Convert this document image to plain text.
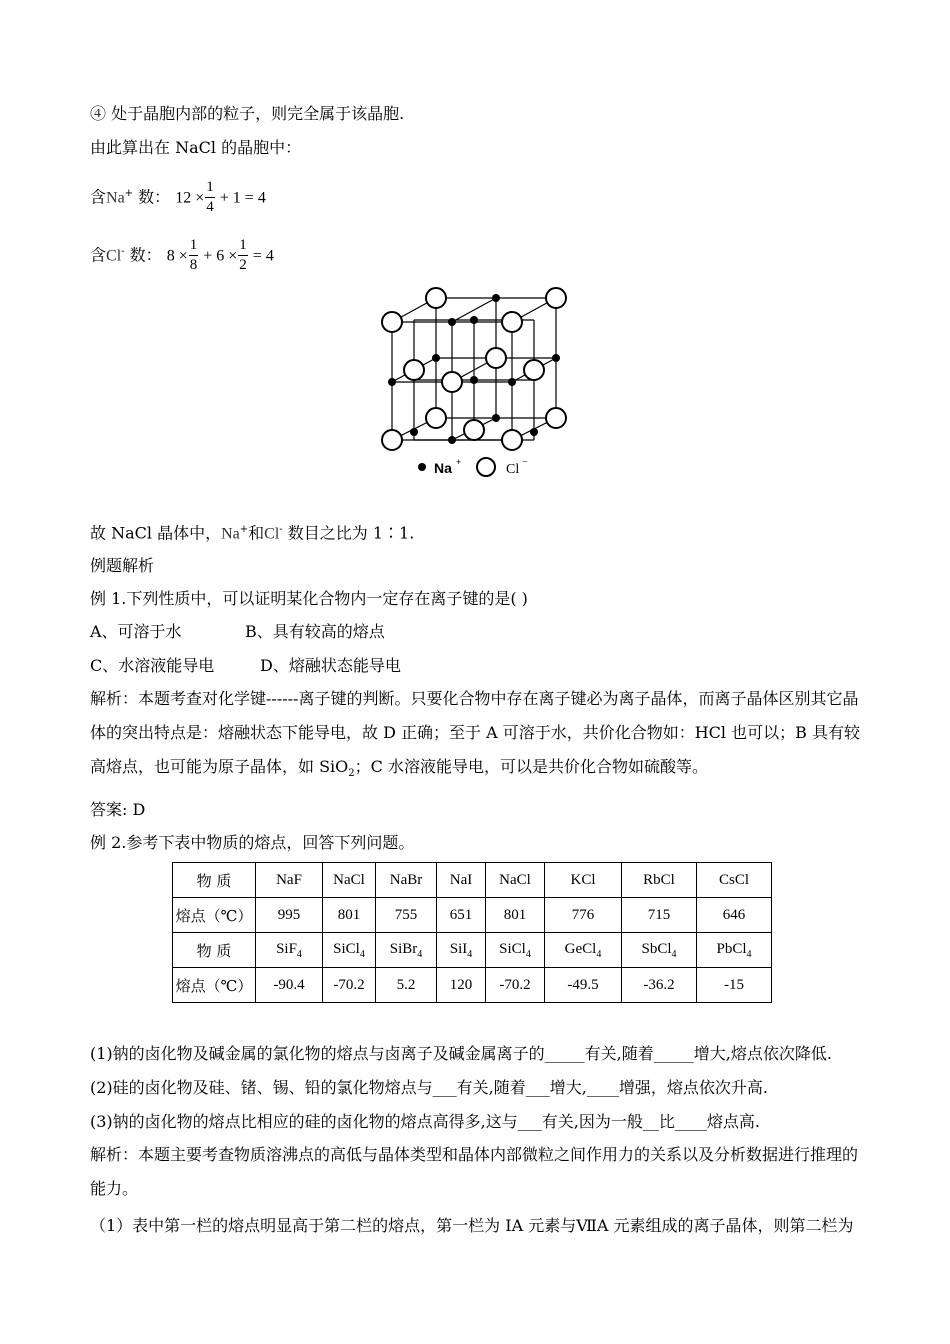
④ 处于晶胞内部的粒子，则完全属于该晶胞.
由此算出在 NaCl 的晶胞中：
含Na+ 数： $12 \times \frac{1}{4} + 1 = 4$
含Cl- 数： $8 \times \frac{1}{8} + 6 \times \frac{1}{2} = 4$
Na +	Cl −
故 NaCl 晶体中，Na+和Cl- 数目之比为 1∶1.
例题解析
例 1.下列性质中，可以证明某化合物内一定存在离子键的是( )
A、可溶于水	B、具有较高的熔点
C、水溶液能导电	D、熔融状态能导电
解析：本题考查对化学键------离子键的判断。只要化合物中存在离子键必为离子晶体，而离子晶体区别其它晶体的突出特点是：熔融状态下能导电，故 D 正确；至于 A 可溶于水，共价化合物如：HCl 也可以；B 具有较高熔点，也可能为原子晶体，如 SiO$_2$；C 水溶液能导电，可以是共价化合物如硫酸等。
答案: D
例 2.参考下表中物质的熔点，回答下列问题。
物 质	NaF	NaCl	NaBr	NaI	NaCl	KCl	RbCl	CsCl
熔点（℃）	995	801	755	651	801	776	715	646
物 质	SiF$_4$	SiCl$_4$	SiBr$_4$	SiI$_4$	SiCl$_4$	GeCl$_4$	SbCl$_4$	PbCl$_4$
熔点（℃）	-90.4	-70.2	5.2	120	-70.2	-49.5	-36.2	-15
(1)钠的卤化物及碱金属的氯化物的熔点与卤离子及碱金属离子的_____有关,随着_____增大,熔点依次降低.
(2)硅的卤化物及硅、锗、锡、铅的氯化物熔点与___有关,随着___增大,____增强，熔点依次升高.
(3)钠的卤化物的熔点比相应的硅的卤化物的熔点高得多,这与___有关,因为一般__比____熔点高.
解析：本题主要考查物质溶沸点的高低与晶体类型和晶体内部微粒之间作用力的关系以及分析数据进行推理的能力。
（1）表中第一栏的熔点明显高于第二栏的熔点，第一栏为 IA 元素与ⅦA 元素组成的离子晶体，则第二栏为
